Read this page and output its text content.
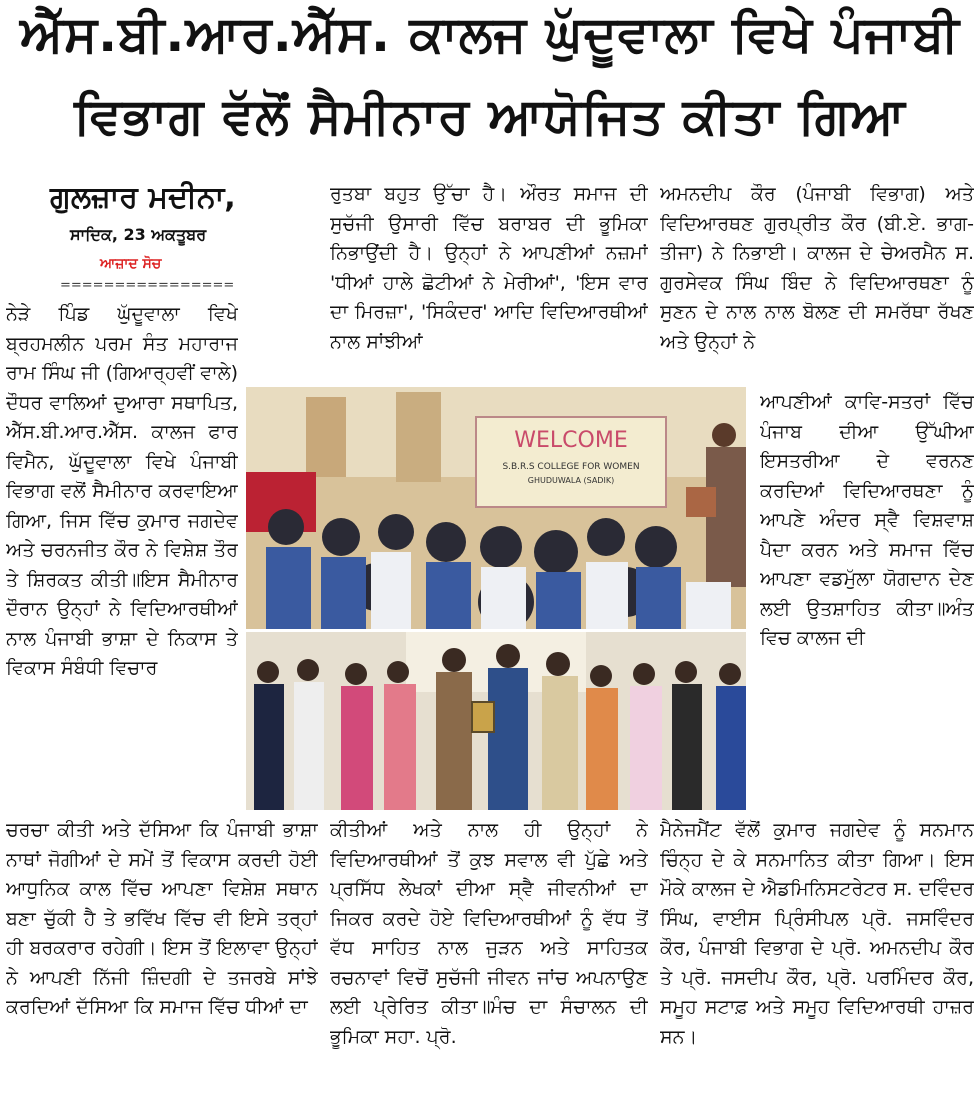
ਐੱਸ.ਬੀ.ਆਰ.ਐੱਸ. ਕਾਲਜ ਘੁੱਦੂਵਾਲਾ ਵਿਖੇ ਪੰਜਾਬੀ
ਵਿਭਾਗ ਵੱਲੋਂ ਸੈਮੀਨਾਰ ਆਯੋਜਿਤ ਕੀਤਾ ਗਿਆ
ਗੁਲਜ਼ਾਰ ਮਦੀਨਾ,
ਸਾਦਿਕ, 23 ਅਕਤੂਬਰ
ਆਜ਼ਾਦ ਸੋਚ
================

ਨੇੜੇ ਪਿੰਡ ਘੁੱਦੂਵਾਲਾ ਵਿਖੇ ਬ੍ਰਹਮਲੀਨ ਪਰਮ ਸੰਤ ਮਹਾਰਾਜ ਰਾਮ ਸਿੰਘ ਜੀ (ਗਿਆਰ੍ਹਵੀਂ ਵਾਲੇ) ਦੌਧਰ ਵਾਲਿਆਂ ਦੁਆਰਾ ਸਥਾਪਿਤ, ਐੱਸ.ਬੀ.ਆਰ.ਐੱਸ. ਕਾਲਜ ਫਾਰ ਵਿਮੈਨ, ਘੁੱਦੂਵਾਲਾ ਵਿਖੇ ਪੰਜਾਬੀ ਵਿਭਾਗ ਵਲੋਂ ਸੈਮੀਨਾਰ ਕਰਵਾਇਆ ਗਿਆ, ਜਿਸ ਵਿੱਚ ਕੁਮਾਰ ਜਗਦੇਵ ਅਤੇ ਚਰਨਜੀਤ ਕੌਰ ਨੇ ਵਿਸ਼ੇਸ਼ ਤੌਰ ਤੇ ਸ਼ਿਰਕਤ ਕੀਤੀ॥ਇਸ ਸੈਮੀਨਾਰ ਦੌਰਾਨ ਉਨ੍ਹਾਂ ਨੇ ਵਿਦਿਆਰਥੀਆਂ ਨਾਲ ਪੰਜਾਬੀ ਭਾਸ਼ਾ ਦੇ ਨਿਕਾਸ ਤੇ ਵਿਕਾਸ ਸੰਬੰਧੀ ਵਿਚਾਰ

ਚਰਚਾ ਕੀਤੀ ਅਤੇ ਦੱਸਿਆ ਕਿ ਪੰਜਾਬੀ ਭਾਸ਼ਾ ਨਾਥਾਂ ਜੋਗੀਆਂ ਦੇ ਸਮੇਂ ਤੋਂ ਵਿਕਾਸ ਕਰਦੀ ਹੋਈ ਆਧੁਨਿਕ ਕਾਲ ਵਿੱਚ ਆਪਣਾ ਵਿਸ਼ੇਸ਼ ਸਥਾਨ ਬਣਾ ਚੁੱਕੀ ਹੈ ਤੇ ਭਵਿੱਖ ਵਿੱਚ ਵੀ ਇਸੇ ਤਰ੍ਹਾਂ ਹੀ ਬਰਕਰਾਰ ਰਹੇਗੀ। ਇਸ ਤੋਂ ਇਲਾਵਾ ਉਨ੍ਹਾਂ ਨੇ ਆਪਣੀ ਨਿੱਜੀ ਜ਼ਿੰਦਗੀ ਦੇ ਤਜਰਬੇ ਸਾਂਝੇ ਕਰਦਿਆਂ ਦੱਸਿਆ ਕਿ ਸਮਾਜ ਵਿੱਚ ਧੀਆਂ ਦਾ

ਰੁਤਬਾ ਬਹੁਤ ਉੱਚਾ ਹੈ। ਔਰਤ ਸਮਾਜ ਦੀ ਸੁਚੱਜੀ ਉਸਾਰੀ ਵਿੱਚ ਬਰਾਬਰ ਦੀ ਭੂਮਿਕਾ ਨਿਭਾਉਂਦੀ ਹੈ। ਉਨ੍ਹਾਂ ਨੇ ਆਪਣੀਆਂ ਨਜ਼ਮਾਂ 'ਧੀਆਂ ਹਾਲੇ ਛੋਟੀਆਂ ਨੇ ਮੇਰੀਆਂ', 'ਇਸ ਵਾਰ ਦਾ ਮਿਰਜ਼ਾ', 'ਸਿਕੰਦਰ' ਆਦਿ ਵਿਦਿਆਰਥੀਆਂ ਨਾਲ ਸਾਂਝੀਆਂ

ਕੀਤੀਆਂ ਅਤੇ ਨਾਲ ਹੀ ਉਨ੍ਹਾਂ ਨੇ ਵਿਦਿਆਰਥੀਆਂ ਤੋਂ ਕੁਝ ਸਵਾਲ ਵੀ ਪੁੱਛੇ ਅਤੇ ਪ੍ਰਸਿੱਧ ਲੇਖਕਾਂ ਦੀਆ ਸ੍ਵੈ ਜੀਵਨੀਆਂ ਦਾ ਜਿਕਰ ਕਰਦੇ ਹੋਏ ਵਿਦਿਆਰਥੀਆਂ ਨੂੰ ਵੱਧ ਤੋਂ ਵੱਧ ਸਾਹਿਤ ਨਾਲ ਜੁੜਨ ਅਤੇ ਸਾਹਿਤਕ ਰਚਨਾਵਾਂ ਵਿਚੋਂ ਸੁਚੱਜੀ ਜੀਵਨ ਜਾਂਚ ਅਪਨਾਉਣ ਲਈ ਪ੍ਰੇਰਿਤ ਕੀਤਾ॥ਮੰਚ ਦਾ ਸੰਚਾਲਨ ਦੀ ਭੂਮਿਕਾ ਸਹਾ. ਪ੍ਰੋ.

ਅਮਨਦੀਪ ਕੌਰ (ਪੰਜਾਬੀ ਵਿਭਾਗ) ਅਤੇ ਵਿਦਿਆਰਥਣ ਗੁਰਪ੍ਰੀਤ ਕੌਰ (ਬੀ.ਏ. ਭਾਗ-ਤੀਜਾ) ਨੇ ਨਿਭਾਈ। ਕਾਲਜ ਦੇ ਚੇਅਰਮੈਨ ਸ. ਗੁਰਸੇਵਕ ਸਿੰਘ ਬਿੰਦ ਨੇ ਵਿਦਿਆਰਥਣਾ ਨੂੰ ਸੁਣਨ ਦੇ ਨਾਲ ਨਾਲ ਬੋਲਣ ਦੀ ਸਮਰੱਥਾ ਰੱਖਣ ਅਤੇ ਉਨ੍ਹਾਂ ਨੇ

ਆਪਣੀਆਂ ਕਾਵਿ-ਸਤਰਾਂ ਵਿੱਚ ਪੰਜਾਬ ਦੀਆ ਉੱਘੀਆ ਇਸਤਰੀਆ ਦੇ ਵਰਨਣ ਕਰਦਿਆਂ ਵਿਦਿਆਰਥਣਾ ਨੂੰ ਆਪਣੇ ਅੰਦਰ ਸ੍ਵੈ ਵਿਸ਼ਵਾਸ਼ ਪੈਦਾ ਕਰਨ ਅਤੇ ਸਮਾਜ ਵਿੱਚ ਆਪਣਾ ਵਡਮੁੱਲਾ ਯੋਗਦਾਨ ਦੇਣ ਲਈ ਉਤਸ਼ਾਹਿਤ ਕੀਤਾ॥ਅੰਤ ਵਿਚ ਕਾਲਜ ਦੀ

ਮੈਨੇਜਮੈਂਟ ਵੱਲੋਂ ਕੁਮਾਰ ਜਗਦੇਵ ਨੂੰ ਸਨਮਾਨ ਚਿੰਨ੍ਹ ਦੇ ਕੇ ਸਨਮਾਨਿਤ ਕੀਤਾ ਗਿਆ। ਇਸ ਮੌਕੇ ਕਾਲਜ ਦੇ ਐਡਮਿਨਿਸਟਰੇਟਰ ਸ. ਦਵਿੰਦਰ ਸਿੰਘ, ਵਾਈਸ ਪ੍ਰਿੰਸੀਪਲ ਪ੍ਰੋ. ਜਸਵਿੰਦਰ ਕੌਰ, ਪੰਜਾਬੀ ਵਿਭਾਗ ਦੇ ਪ੍ਰੋ. ਅਮਨਦੀਪ ਕੌਰ ਤੇ ਪ੍ਰੋ. ਜਸਦੀਪ ਕੌਰ, ਪ੍ਰੋ. ਪਰਮਿੰਦਰ ਕੌਰ, ਸਮੂਹ ਸਟਾਫ਼ ਅਤੇ ਸਮੂਹ ਵਿਦਿਆਰਥੀ ਹਾਜ਼ਰ ਸਨ।

WELCOME
S.B.R.S COLLEGE FOR WOMEN
GHUDUWALA (SADIK)
